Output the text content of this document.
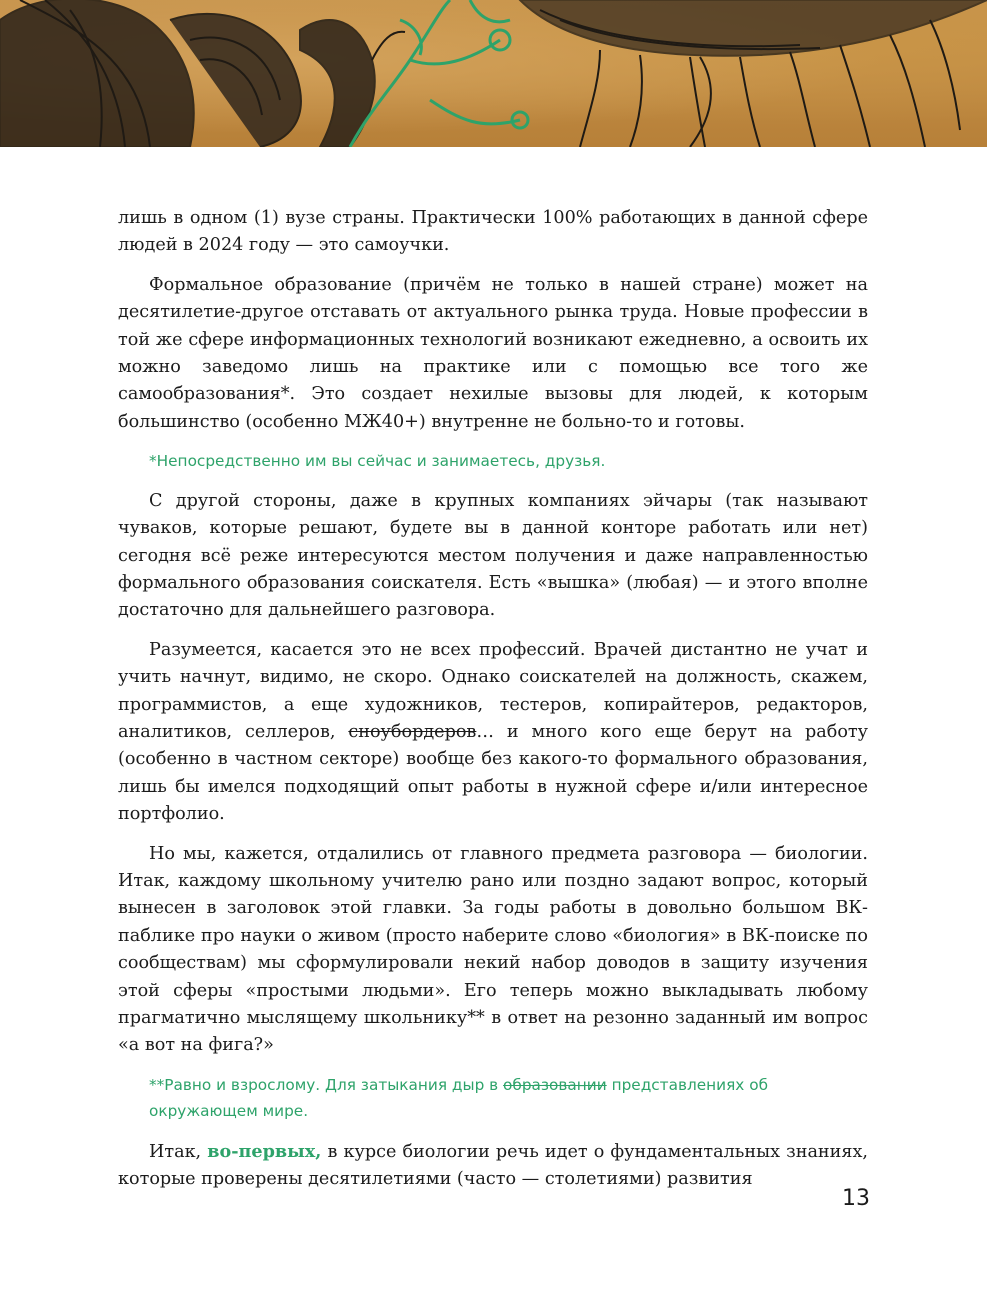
лишь в одном (1) вузе страны. Практически 100% работающих в данной сфере людей в 2024 году — это самоучки.

Формальное образование (причём не только в нашей стране) может на десятилетие-другое отставать от актуального рынка труда. Новые профессии в той же сфере информационных технологий возникают ежедневно, а освоить их можно заведомо лишь на практике или с помощью все того же самообразования*. Это создает нехилые вызовы для людей, к которым большинство (особенно МЖ40+) внутренне не больно-то и готовы.

*Непосредственно им вы сейчас и занимаетесь, друзья.

С другой стороны, даже в крупных компаниях эйчары (так называют чуваков, которые решают, будете вы в данной конторе работать или нет) сегодня всё реже интересуются местом получения и даже направленностью формального образования соискателя. Есть «вышка» (любая) — и этого вполне достаточно для дальнейшего разговора.

Разумеется, касается это не всех профессий. Врачей дистантно не учат и учить начнут, видимо, не скоро. Однако соискателей на должность, скажем, программистов, а еще художников, тестеров, копирайтеров, редакторов, аналитиков, селлеров, сноубордеров… и много кого еще берут на работу (особенно в частном секторе) вообще без какого-то формального образования, лишь бы имелся подходящий опыт работы в нужной сфере и/или интересное портфолио.

Но мы, кажется, отдалились от главного предмета разговора — биологии. Итак, каждому школьному учителю рано или поздно задают вопрос, который вынесен в заголовок этой главки. За годы работы в довольно большом ВК-паблике про науки о живом (просто наберите слово «биология» в ВК-поиске по сообществам) мы сформулировали некий набор доводов в защиту изучения этой сферы «простыми людьми». Его теперь можно выкладывать любому прагматично мыслящему школьнику** в ответ на резонно заданный им вопрос «а вот на фига?»

**Равно и взрослому. Для затыкания дыр в образовании представлениях об окружающем мире.

Итак, во-первых, в курсе биологии речь идет о фундаментальных знаниях, которые проверены десятилетиями (часто — столетиями) развития

13
